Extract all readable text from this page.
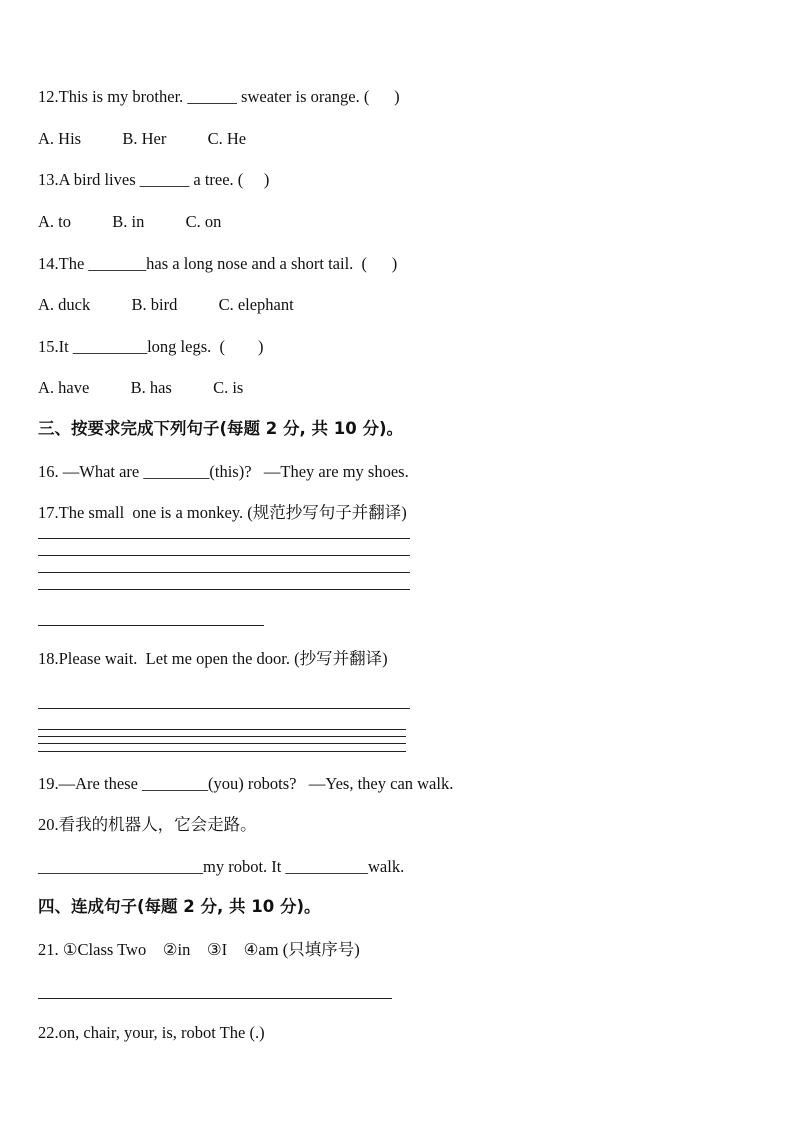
12.This is my brother. ______ sweater is orange. (      )
A. His          B. Her          C. He
13.A bird lives ______ a tree. (     )
A. to          B. in          C. on
14.The _______has a long nose and a short tail.  (      )
A. duck          B. bird          C. elephant
15.It _________long legs.  (        )
A. have          B. has          C. is
三、按要求完成下列句子(每题 2 分, 共 10 分)。
16. —What are ________(this)?   —They are my shoes.
17.The small  one is a monkey. (规范抄写句子并翻译)
18.Please wait.  Let me open the door. (抄写并翻译)
19.—Are these ________(you) robots?   —Yes, they can walk.
20.看我的机器人，它会走路。
____________________my robot. It __________walk.
四、连成句子(每题 2 分, 共 10 分)。
21. ①Class Two    ②in    ③I    ④am (只填序号)
22.on, chair, your, is, robot The (.)
